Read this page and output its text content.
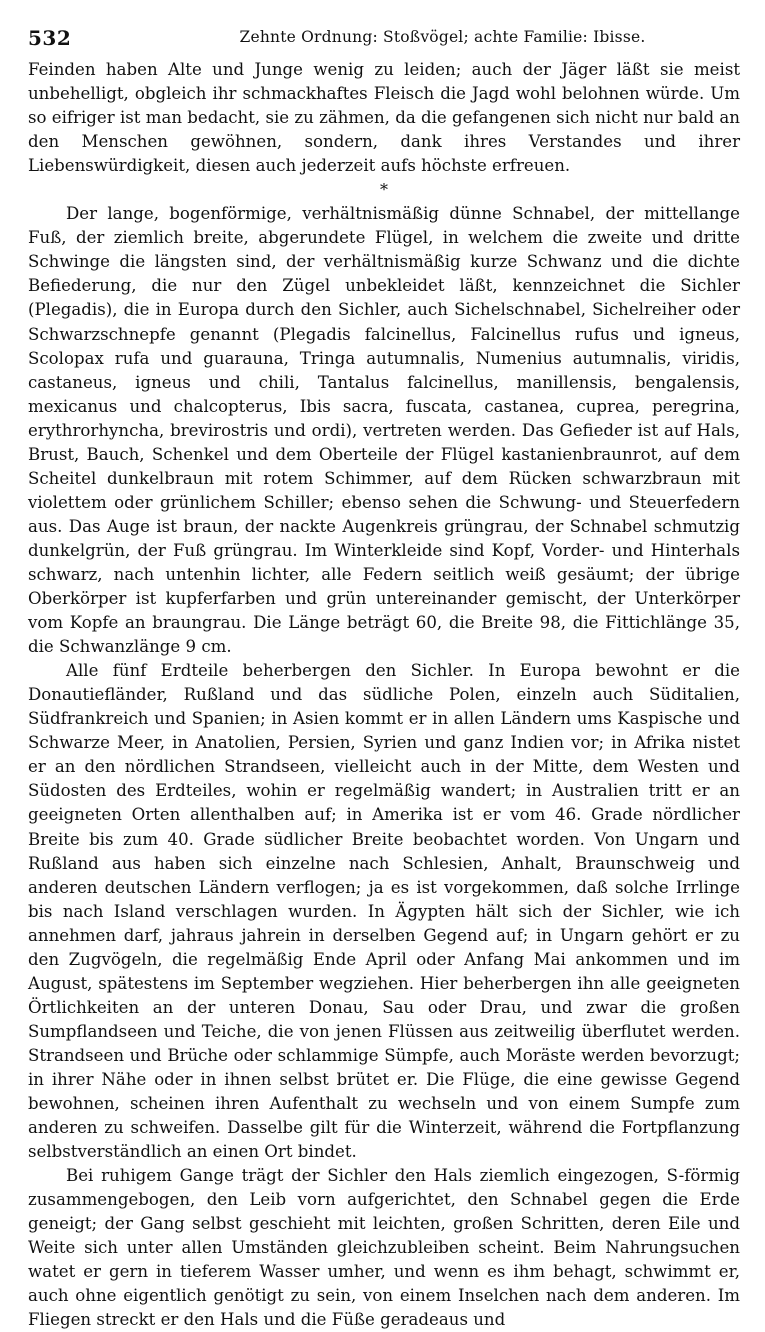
532	Zehnte Ordnung: Stoßvögel; achte Familie: Ibisse.

Feinden haben Alte und Junge wenig zu leiden; auch der Jäger läßt sie meist unbehelligt, obgleich ihr schmackhaftes Fleisch die Jagd wohl belohnen würde. Um so eifriger ist man bedacht, sie zu zähmen, da die gefangenen sich nicht nur bald an den Menschen gewöhnen, sondern, dank ihres Verstandes und ihrer Liebenswürdigkeit, diesen auch jederzeit aufs höchste erfreuen.

*

Der lange, bogenförmige, verhältnismäßig dünne Schnabel, der mittellange Fuß, der ziemlich breite, abgerundete Flügel, in welchem die zweite und dritte Schwinge die längsten sind, der verhältnismäßig kurze Schwanz und die dichte Befiederung, die nur den Zügel unbekleidet läßt, kennzeichnet die Sichler (Plegadis), die in Europa durch den Sichler, auch Sichelschnabel, Sichelreiher oder Schwarzschnepfe genannt (Plegadis falcinellus, Falcinellus rufus und igneus, Scolopax rufa und guarauna, Tringa autumnalis, Numenius autumnalis, viridis, castaneus, igneus und chili, Tantalus falcinellus, manillensis, bengalensis, mexicanus und chalcopterus, Ibis sacra, fuscata, castanea, cuprea, peregrina, erythrorhyncha, brevirostris und ordi), vertreten werden. Das Gefieder ist auf Hals, Brust, Bauch, Schenkel und dem Oberteile der Flügel kastanienbraunrot, auf dem Scheitel dunkelbraun mit rotem Schimmer, auf dem Rücken schwarzbraun mit violettem oder grünlichem Schiller; ebenso sehen die Schwung- und Steuerfedern aus. Das Auge ist braun, der nackte Augenkreis grüngrau, der Schnabel schmutzig dunkelgrün, der Fuß grüngrau. Im Winterkleide sind Kopf, Vorder- und Hinterhals schwarz, nach untenhin lichter, alle Federn seitlich weiß gesäumt; der übrige Oberkörper ist kupferfarben und grün untereinander gemischt, der Unterkörper vom Kopfe an braungrau. Die Länge beträgt 60, die Breite 98, die Fittichlänge 35, die Schwanzlänge 9 cm.

Alle fünf Erdteile beherbergen den Sichler. In Europa bewohnt er die Donautiefländer, Rußland und das südliche Polen, einzeln auch Süditalien, Südfrankreich und Spanien; in Asien kommt er in allen Ländern ums Kaspische und Schwarze Meer, in Anatolien, Persien, Syrien und ganz Indien vor; in Afrika nistet er an den nördlichen Strandseen, vielleicht auch in der Mitte, dem Westen und Südosten des Erdteiles, wohin er regelmäßig wandert; in Australien tritt er an geeigneten Orten allenthalben auf; in Amerika ist er vom 46. Grade nördlicher Breite bis zum 40. Grade südlicher Breite beobachtet worden. Von Ungarn und Rußland aus haben sich einzelne nach Schlesien, Anhalt, Braunschweig und anderen deutschen Ländern verflogen; ja es ist vorgekommen, daß solche Irrlinge bis nach Island verschlagen wurden. In Ägypten hält sich der Sichler, wie ich annehmen darf, jahraus jahrein in derselben Gegend auf; in Ungarn gehört er zu den Zugvögeln, die regelmäßig Ende April oder Anfang Mai ankommen und im August, spätestens im September wegziehen. Hier beherbergen ihn alle geeigneten Örtlichkeiten an der unteren Donau, Sau oder Drau, und zwar die großen Sumpflandseen und Teiche, die von jenen Flüssen aus zeitweilig überflutet werden. Strandseen und Brüche oder schlammige Sümpfe, auch Moräste werden bevorzugt; in ihrer Nähe oder in ihnen selbst brütet er. Die Flüge, die eine gewisse Gegend bewohnen, scheinen ihren Aufenthalt zu wechseln und von einem Sumpfe zum anderen zu schweifen. Dasselbe gilt für die Winterzeit, während die Fortpflanzung selbstverständlich an einen Ort bindet.

Bei ruhigem Gange trägt der Sichler den Hals ziemlich eingezogen, S-förmig zusammengebogen, den Leib vorn aufgerichtet, den Schnabel gegen die Erde geneigt; der Gang selbst geschieht mit leichten, großen Schritten, deren Eile und Weite sich unter allen Umständen gleichzubleiben scheint. Beim Nahrungsuchen watet er gern in tieferem Wasser umher, und wenn es ihm behagt, schwimmt er, auch ohne eigentlich genötigt zu sein, von einem Inselchen nach dem anderen. Im Fliegen streckt er den Hals und die Füße geradeaus und
